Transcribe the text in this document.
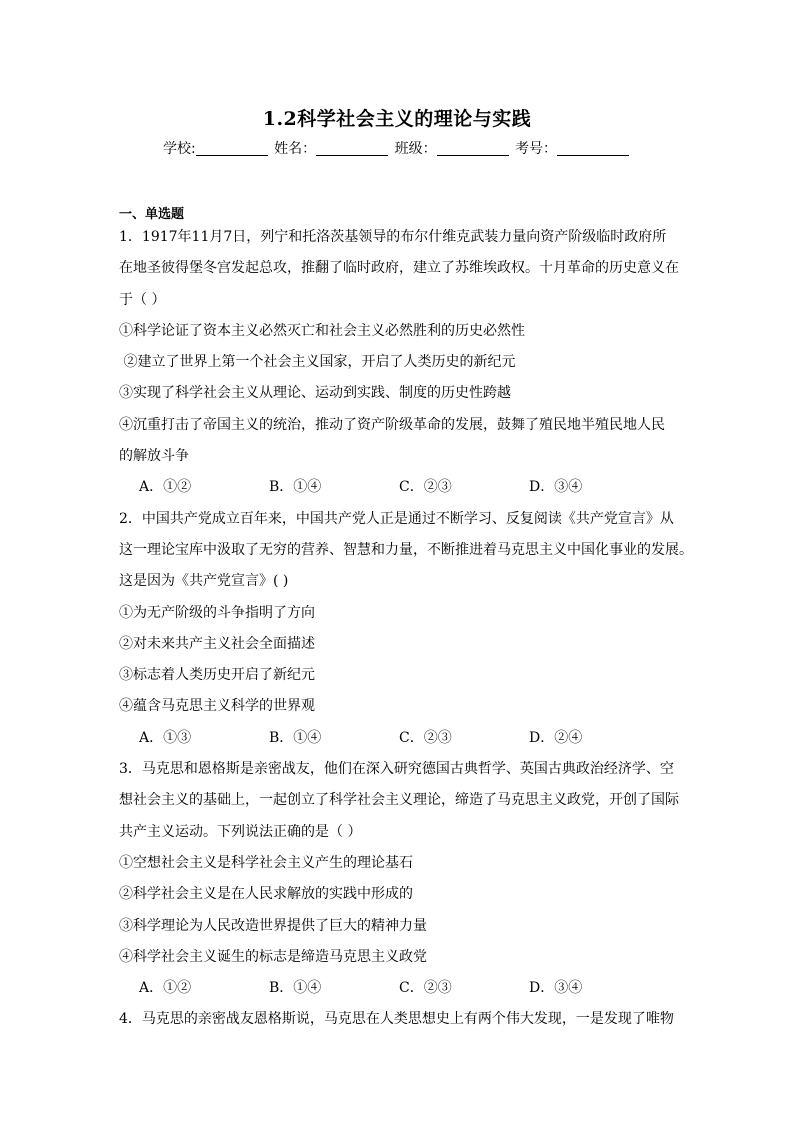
1.2科学社会主义的理论与实践
学校:	姓名：	班级：	考号：
一、单选题
1．1917年11月7日，列宁和托洛茨基领导的布尔什维克武装力量向资产阶级临时政府所
在地圣彼得堡冬宫发起总攻，推翻了临时政府，建立了苏维埃政权。十月革命的历史意义在
于（ ）
①科学论证了资本主义必然灭亡和社会主义必然胜利的历史必然性
②建立了世界上第一个社会主义国家，开启了人类历史的新纪元
③实现了科学社会主义从理论、运动到实践、制度的历史性跨越
④沉重打击了帝国主义的统治，推动了资产阶级革命的发展，鼓舞了殖民地半殖民地人民
的解放斗争
A．①②	B．①④	C．②③	D．③④
2．中国共产党成立百年来，中国共产党人正是通过不断学习、反复阅读《共产党宣言》从
这一理论宝库中汲取了无穷的营养、智慧和力量，不断推进着马克思主义中国化事业的发展。
这是因为《共产党宣言》( )
①为无产阶级的斗争指明了方向
②对未来共产主义社会全面描述
③标志着人类历史开启了新纪元
④蕴含马克思主义科学的世界观
A．①③	B．①④	C．②③	D．②④
3．马克思和恩格斯是亲密战友，他们在深入研究德国古典哲学、英国古典政治经济学、空
想社会主义的基础上，一起创立了科学社会主义理论，缔造了马克思主义政党，开创了国际
共产主义运动。下列说法正确的是（ ）
①空想社会主义是科学社会主义产生的理论基石
②科学社会主义是在人民求解放的实践中形成的
③科学理论为人民改造世界提供了巨大的精神力量
④科学社会主义诞生的标志是缔造马克思主义政党
A．①②	B．①④	C．②③	D．③④
4．马克思的亲密战友恩格斯说，马克思在人类思想史上有两个伟大发现，一是发现了唯物
